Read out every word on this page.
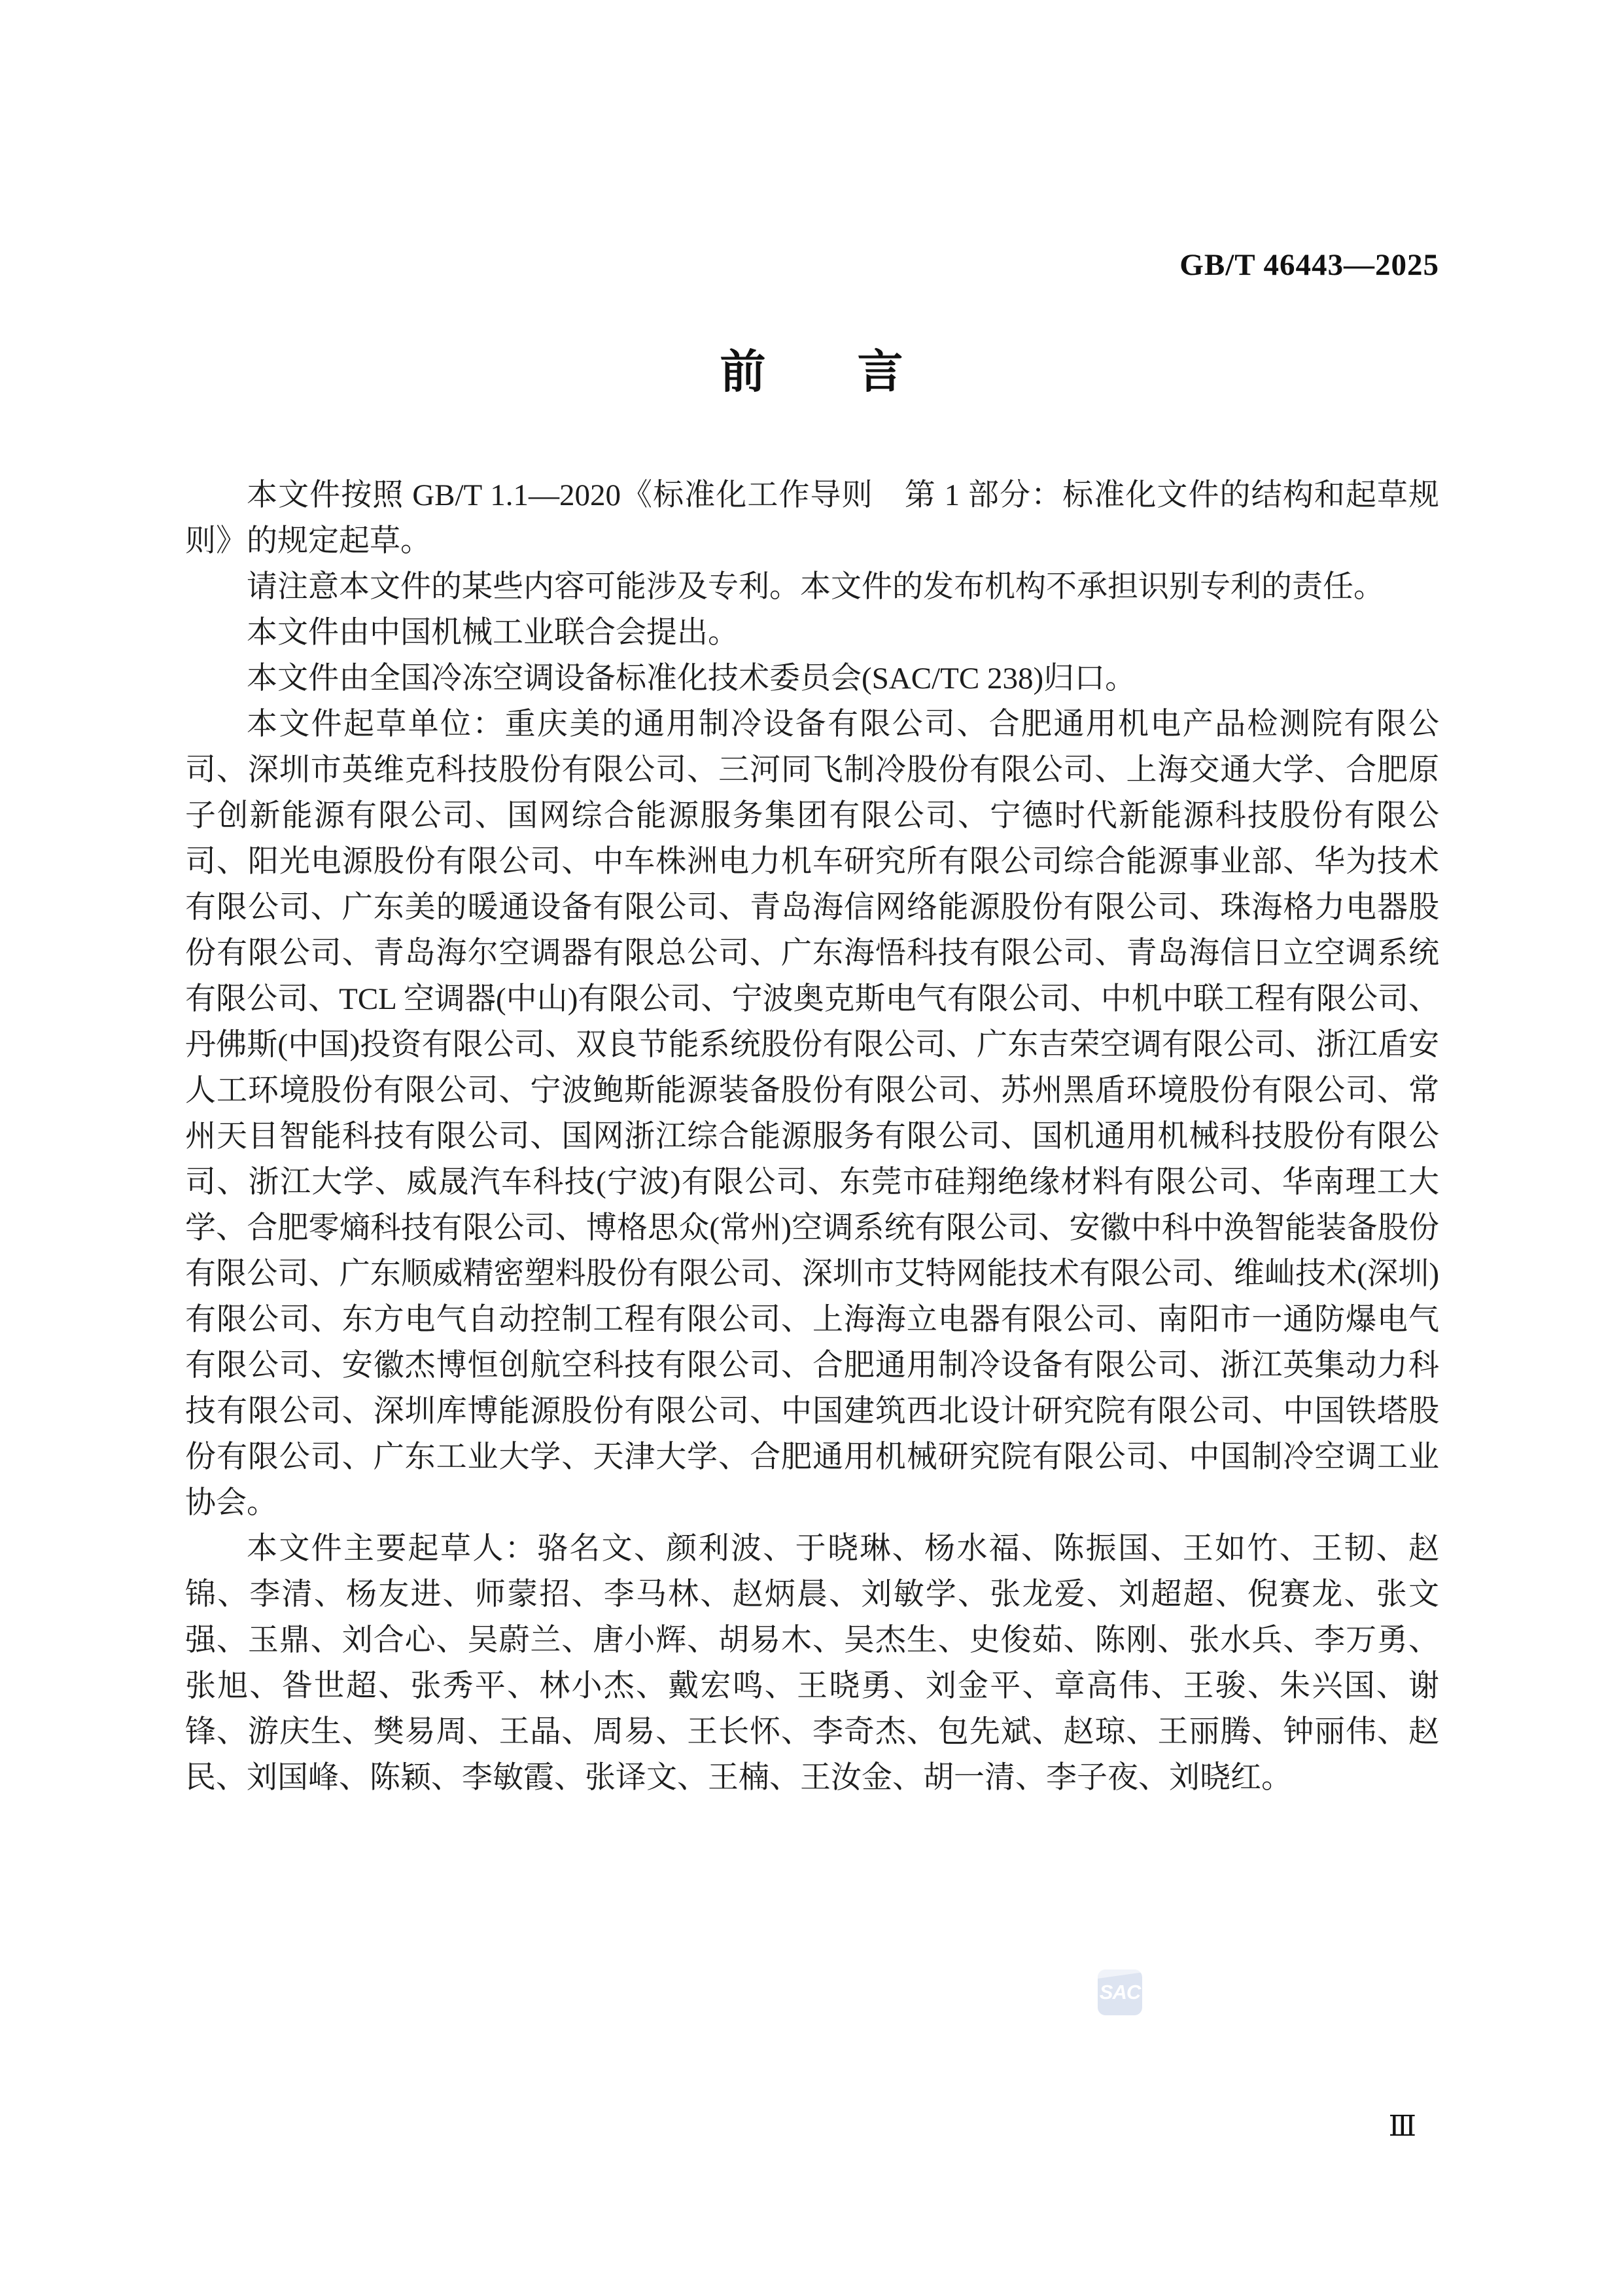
GB/T 46443—2025
前　　言

本文件按照 GB/T 1.1—2020《标准化工作导则　第 1 部分：标准化文件的结构和起草规则》的规定起草。

请注意本文件的某些内容可能涉及专利。本文件的发布机构不承担识别专利的责任。

本文件由中国机械工业联合会提出。

本文件由全国冷冻空调设备标准化技术委员会(SAC/TC 238)归口。

本文件起草单位：重庆美的通用制冷设备有限公司、合肥通用机电产品检测院有限公司、深圳市英维克科技股份有限公司、三河同飞制冷股份有限公司、上海交通大学、合肥原子创新能源有限公司、国网综合能源服务集团有限公司、宁德时代新能源科技股份有限公司、阳光电源股份有限公司、中车株洲电力机车研究所有限公司综合能源事业部、华为技术有限公司、广东美的暖通设备有限公司、青岛海信网络能源股份有限公司、珠海格力电器股份有限公司、青岛海尔空调器有限总公司、广东海悟科技有限公司、青岛海信日立空调系统有限公司、TCL 空调器(中山)有限公司、宁波奥克斯电气有限公司、中机中联工程有限公司、丹佛斯(中国)投资有限公司、双良节能系统股份有限公司、广东吉荣空调有限公司、浙江盾安人工环境股份有限公司、宁波鲍斯能源装备股份有限公司、苏州黑盾环境股份有限公司、常州天目智能科技有限公司、国网浙江综合能源服务有限公司、国机通用机械科技股份有限公司、浙江大学、威晟汽车科技(宁波)有限公司、东莞市硅翔绝缘材料有限公司、华南理工大学、合肥零熵科技有限公司、博格思众(常州)空调系统有限公司、安徽中科中涣智能装备股份有限公司、广东顺威精密塑料股份有限公司、深圳市艾特网能技术有限公司、维屾技术(深圳)有限公司、东方电气自动控制工程有限公司、上海海立电器有限公司、南阳市一通防爆电气有限公司、安徽杰博恒创航空科技有限公司、合肥通用制冷设备有限公司、浙江英集动力科技有限公司、深圳库博能源股份有限公司、中国建筑西北设计研究院有限公司、中国铁塔股份有限公司、广东工业大学、天津大学、合肥通用机械研究院有限公司、中国制冷空调工业协会。

本文件主要起草人：骆名文、颜利波、于晓琳、杨水福、陈振国、王如竹、王韧、赵锦、李清、杨友进、师蒙招、李马林、赵炳晨、刘敏学、张龙爱、刘超超、倪赛龙、张文强、玉鼎、刘合心、吴蔚兰、唐小辉、胡易木、吴杰生、史俊茹、陈刚、张水兵、李万勇、张旭、昝世超、张秀平、林小杰、戴宏鸣、王晓勇、刘金平、章高伟、王骏、朱兴国、谢锋、游庆生、樊易周、王晶、周易、王长怀、李奇杰、包先斌、赵琼、王丽腾、钟丽伟、赵民、刘国峰、陈颖、李敏霞、张译文、王楠、王汝金、胡一清、李子夜、刘晓红。

SAC
Ⅲ
